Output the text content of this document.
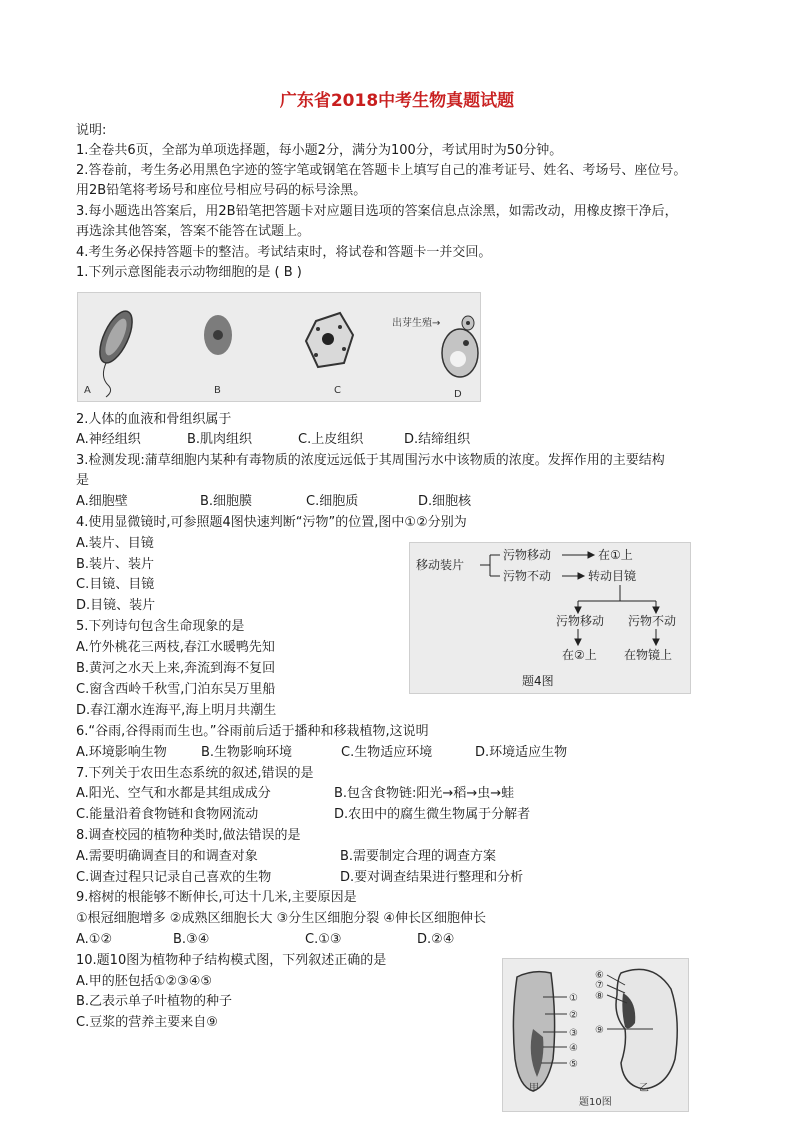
广东省2018中考生物真题试题
说明:
1.全卷共6页，全部为单项选择题，每小题2分，满分为100分，考试用时为50分钟。
2.答卷前，考生务必用黑色字迹的签字笔或钢笔在答题卡上填写自己的准考证号、姓名、考场号、座位号。
用2B铅笔将考场号和座位号相应号码的标号涂黑。
3.每小题选出答案后，用2B铅笔把答题卡对应题目选项的答案信息点涂黑，如需改动，用橡皮擦干净后，
再选涂其他答案，答案不能答在试题上。
4.考生务必保持答题卡的整洁。考试结束时，将试卷和答题卡一并交回。
1.下列示意图能表示动物细胞的是 ( B )
出芽生殖→
A	B	C	D
2.人体的血液和骨组织属于
A.神经组织	B.肌肉组织	C.上皮组织	D.结缔组织
3.检测发现:蒲草细胞内某种有毒物质的浓度远远低于其周围污水中该物质的浓度。发挥作用的主要结构
是
A.细胞壁	B.细胞膜	C.细胞质	D.细胞核
4.使用显微镜时,可参照题4图快速判断“污物”的位置,图中①②分别为
A.装片、目镜
B.装片、装片
C.目镜、目镜
D.目镜、装片
移动装片
污物移动	在①上
污物不动	转动目镜
污物移动 污物不动
在②上 在物镜上
题4图
5.下列诗句包含生命现象的是
A.竹外桃花三两枝,春江水暖鸭先知
B.黄河之水天上来,奔流到海不复回
C.窗含西岭千秋雪,门泊东吴万里船
D.春江潮水连海平,海上明月共潮生
6.“谷雨,谷得雨而生也。”谷雨前后适于播种和移栽植物,这说明
A.环境影响生物	B.生物影响环境	C.生物适应环境	D.环境适应生物
7.下列关于农田生态系统的叙述,错误的是
A.阳光、空气和水都是其组成成分	B.包含食物链:阳光→稻→虫→蛙
C.能量沿着食物链和食物网流动	D.农田中的腐生微生物属于分解者
8.调查校园的植物种类时,做法错误的是
A.需要明确调查目的和调查对象	B.需要制定合理的调查方案
C.调查过程只记录自己喜欢的生物	D.要对调查结果进行整理和分析
9.榕树的根能够不断伸长,可达十几米,主要原因是
①根冠细胞增多 ②成熟区细胞长大 ③分生区细胞分裂 ④伸长区细胞伸长
A.①②	B.③④	C.①③	D.②④
10.题10图为植物种子结构模式图，下列叙述正确的是
A.甲的胚包括①②③④⑤
B.乙表示单子叶植物的种子
C.豆浆的营养主要来自⑨
①
②
③
④
⑤
⑥
⑦
⑧
⑨
甲	乙
题10图
